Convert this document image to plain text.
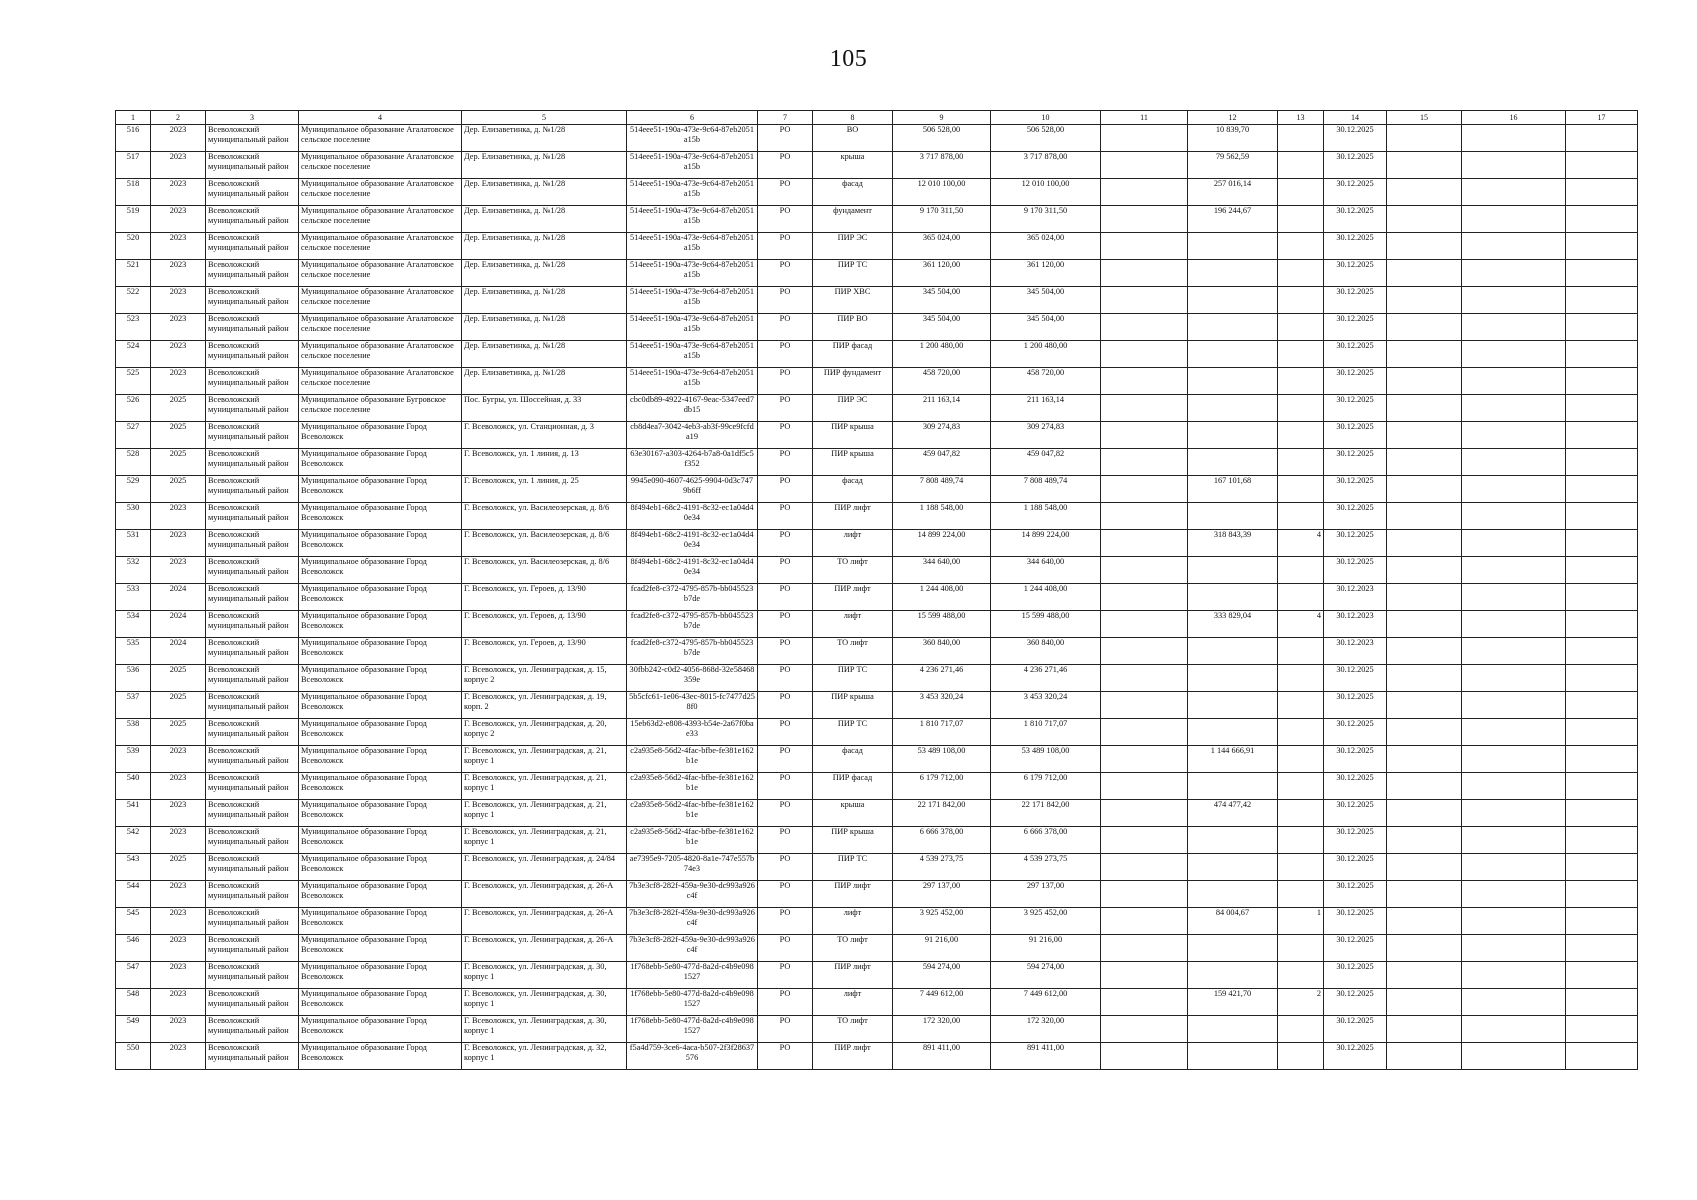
105
1	2	3	4	5	6	7	8	9	10	11	12	13	14	15	16	17
516	2023	Всеволожский муниципальный район	Муниципальное образование Агалатовское сельское поселение	Дер. Елизаветинка, д. №1/28	514eee51-190a-473e-9c64-87eb2051a15b	РО	ВО	506 528,00	506 528,00		10 839,70		30.12.2025			
517	2023	Всеволожский муниципальный район	Муниципальное образование Агалатовское сельское поселение	Дер. Елизаветинка, д. №1/28	514eee51-190a-473e-9c64-87eb2051a15b	РО	крыша	3 717 878,00	3 717 878,00		79 562,59		30.12.2025			
518	2023	Всеволожский муниципальный район	Муниципальное образование Агалатовское сельское поселение	Дер. Елизаветинка, д. №1/28	514eee51-190a-473e-9c64-87eb2051a15b	РО	фасад	12 010 100,00	12 010 100,00		257 016,14		30.12.2025			
519	2023	Всеволожский муниципальный район	Муниципальное образование Агалатовское сельское поселение	Дер. Елизаветинка, д. №1/28	514eee51-190a-473e-9c64-87eb2051a15b	РО	фундамент	9 170 311,50	9 170 311,50		196 244,67		30.12.2025			
520	2023	Всеволожский муниципальный район	Муниципальное образование Агалатовское сельское поселение	Дер. Елизаветинка, д. №1/28	514eee51-190a-473e-9c64-87eb2051a15b	РО	ПИР ЭС	365 024,00	365 024,00				30.12.2025			
521	2023	Всеволожский муниципальный район	Муниципальное образование Агалатовское сельское поселение	Дер. Елизаветинка, д. №1/28	514eee51-190a-473e-9c64-87eb2051a15b	РО	ПИР ТС	361 120,00	361 120,00				30.12.2025			
522	2023	Всеволожский муниципальный район	Муниципальное образование Агалатовское сельское поселение	Дер. Елизаветинка, д. №1/28	514eee51-190a-473e-9c64-87eb2051a15b	РО	ПИР ХВС	345 504,00	345 504,00				30.12.2025			
523	2023	Всеволожский муниципальный район	Муниципальное образование Агалатовское сельское поселение	Дер. Елизаветинка, д. №1/28	514eee51-190a-473e-9c64-87eb2051a15b	РО	ПИР ВО	345 504,00	345 504,00				30.12.2025			
524	2023	Всеволожский муниципальный район	Муниципальное образование Агалатовское сельское поселение	Дер. Елизаветинка, д. №1/28	514eee51-190a-473e-9c64-87eb2051a15b	РО	ПИР фасад	1 200 480,00	1 200 480,00				30.12.2025			
525	2023	Всеволожский муниципальный район	Муниципальное образование Агалатовское сельское поселение	Дер. Елизаветинка, д. №1/28	514eee51-190a-473e-9c64-87eb2051a15b	РО	ПИР фундамент	458 720,00	458 720,00				30.12.2025			
526	2025	Всеволожский муниципальный район	Муниципальное образование Бугровское сельское поселение	Пос. Бугры, ул. Шоссейная, д. 33	cbc0db89-4922-4167-9eac-5347eed7db15	РО	ПИР ЭС	211 163,14	211 163,14				30.12.2025			
527	2025	Всеволожский муниципальный район	Муниципальное образование Город Всеволожск	Г. Всеволожск, ул. Станционная, д. 3	cb8d4ea7-3042-4eb3-ab3f-99ce9fcfda19	РО	ПИР крыша	309 274,83	309 274,83				30.12.2025			
528	2025	Всеволожский муниципальный район	Муниципальное образование Город Всеволожск	Г. Всеволожск, ул. 1 линия, д. 13	63e30167-a303-4264-b7a8-0a1df5c5f352	РО	ПИР крыша	459 047,82	459 047,82				30.12.2025			
529	2025	Всеволожский муниципальный район	Муниципальное образование Город Всеволожск	Г. Всеволожск, ул. 1 линия, д. 25	9945e090-4607-4625-9904-0d3c7479b6ff	РО	фасад	7 808 489,74	7 808 489,74		167 101,68		30.12.2025			
530	2023	Всеволожский муниципальный район	Муниципальное образование Город Всеволожск	Г. Всеволожск, ул. Василеозерская, д. 8/6	8f494eb1-68c2-4191-8c32-ec1a04d40e34	РО	ПИР лифт	1 188 548,00	1 188 548,00				30.12.2025			
531	2023	Всеволожский муниципальный район	Муниципальное образование Город Всеволожск	Г. Всеволожск, ул. Василеозерская, д. 8/6	8f494eb1-68c2-4191-8c32-ec1a04d40e34	РО	лифт	14 899 224,00	14 899 224,00		318 843,39	4	30.12.2025			
532	2023	Всеволожский муниципальный район	Муниципальное образование Город Всеволожск	Г. Всеволожск, ул. Василеозерская, д. 8/6	8f494eb1-68c2-4191-8c32-ec1a04d40e34	РО	ТО лифт	344 640,00	344 640,00				30.12.2025			
533	2024	Всеволожский муниципальный район	Муниципальное образование Город Всеволожск	Г. Всеволожск, ул. Героев, д. 13/90	fcad2fe8-c372-4795-857b-bb045523b7de	РО	ПИР лифт	1 244 408,00	1 244 408,00				30.12.2023			
534	2024	Всеволожский муниципальный район	Муниципальное образование Город Всеволожск	Г. Всеволожск, ул. Героев, д. 13/90	fcad2fe8-c372-4795-857b-bb045523b7de	РО	лифт	15 599 488,00	15 599 488,00		333 829,04	4	30.12.2023			
535	2024	Всеволожский муниципальный район	Муниципальное образование Город Всеволожск	Г. Всеволожск, ул. Героев, д. 13/90	fcad2fe8-c372-4795-857b-bb045523b7de	РО	ТО лифт	360 840,00	360 840,00				30.12.2023			
536	2025	Всеволожский муниципальный район	Муниципальное образование Город Всеволожск	Г. Всеволожск, ул. Ленинградская, д. 15, корпус 2	30fbb242-c0d2-4056-868d-32e58468359e	РО	ПИР ТС	4 236 271,46	4 236 271,46				30.12.2025			
537	2025	Всеволожский муниципальный район	Муниципальное образование Город Всеволожск	Г. Всеволожск, ул. Ленинградская, д. 19, корп. 2	5b5cfc61-1e06-43ec-8015-fc7477d258f0	РО	ПИР крыша	3 453 320,24	3 453 320,24				30.12.2025			
538	2025	Всеволожский муниципальный район	Муниципальное образование Город Всеволожск	Г. Всеволожск, ул. Ленинградская, д. 20, корпус 2	15eb63d2-e808-4393-b54e-2a67f0bae33	РО	ПИР ТС	1 810 717,07	1 810 717,07				30.12.2025			
539	2023	Всеволожский муниципальный район	Муниципальное образование Город Всеволожск	Г. Всеволожск, ул. Ленинградская, д. 21, корпус 1	c2a935e8-56d2-4fac-bfbe-fe381e162b1e	РО	фасад	53 489 108,00	53 489 108,00		1 144 666,91		30.12.2025			
540	2023	Всеволожский муниципальный район	Муниципальное образование Город Всеволожск	Г. Всеволожск, ул. Ленинградская, д. 21, корпус 1	c2a935e8-56d2-4fac-bfbe-fe381e162b1e	РО	ПИР фасад	6 179 712,00	6 179 712,00				30.12.2025			
541	2023	Всеволожский муниципальный район	Муниципальное образование Город Всеволожск	Г. Всеволожск, ул. Ленинградская, д. 21, корпус 1	c2a935e8-56d2-4fac-bfbe-fe381e162b1e	РО	крыша	22 171 842,00	22 171 842,00		474 477,42		30.12.2025			
542	2023	Всеволожский муниципальный район	Муниципальное образование Город Всеволожск	Г. Всеволожск, ул. Ленинградская, д. 21, корпус 1	c2a935e8-56d2-4fac-bfbe-fe381e162b1e	РО	ПИР крыша	6 666 378,00	6 666 378,00				30.12.2025			
543	2025	Всеволожский муниципальный район	Муниципальное образование Город Всеволожск	Г. Всеволожск, ул. Ленинградская, д. 24/84	ae7395e9-7205-4820-8a1e-747e557b74e3	РО	ПИР ТС	4 539 273,75	4 539 273,75				30.12.2025			
544	2023	Всеволожский муниципальный район	Муниципальное образование Город Всеволожск	Г. Всеволожск, ул. Ленинградская, д. 26-А	7b3e3cf8-282f-459a-9e30-dc993a926c4f	РО	ПИР лифт	297 137,00	297 137,00				30.12.2025			
545	2023	Всеволожский муниципальный район	Муниципальное образование Город Всеволожск	Г. Всеволожск, ул. Ленинградская, д. 26-А	7b3e3cf8-282f-459a-9e30-dc993a926c4f	РО	лифт	3 925 452,00	3 925 452,00		84 004,67	1	30.12.2025			
546	2023	Всеволожский муниципальный район	Муниципальное образование Город Всеволожск	Г. Всеволожск, ул. Ленинградская, д. 26-А	7b3e3cf8-282f-459a-9e30-dc993a926c4f	РО	ТО лифт	91 216,00	91 216,00				30.12.2025			
547	2023	Всеволожский муниципальный район	Муниципальное образование Город Всеволожск	Г. Всеволожск, ул. Ленинградская, д. 30, корпус 1	1f768ebb-5e80-477d-8a2d-c4b9e0981527	РО	ПИР лифт	594 274,00	594 274,00				30.12.2025			
548	2023	Всеволожский муниципальный район	Муниципальное образование Город Всеволожск	Г. Всеволожск, ул. Ленинградская, д. 30, корпус 1	1f768ebb-5e80-477d-8a2d-c4b9e0981527	РО	лифт	7 449 612,00	7 449 612,00		159 421,70	2	30.12.2025			
549	2023	Всеволожский муниципальный район	Муниципальное образование Город Всеволожск	Г. Всеволожск, ул. Ленинградская, д. 30, корпус 1	1f768ebb-5e80-477d-8a2d-c4b9e0981527	РО	ТО лифт	172 320,00	172 320,00				30.12.2025			
550	2023	Всеволожский муниципальный район	Муниципальное образование Город Всеволожск	Г. Всеволожск, ул. Ленинградская, д. 32, корпус 1	f5a4d759-3ce6-4aca-b507-2f3f28637576	РО	ПИР лифт	891 411,00	891 411,00				30.12.2025			
